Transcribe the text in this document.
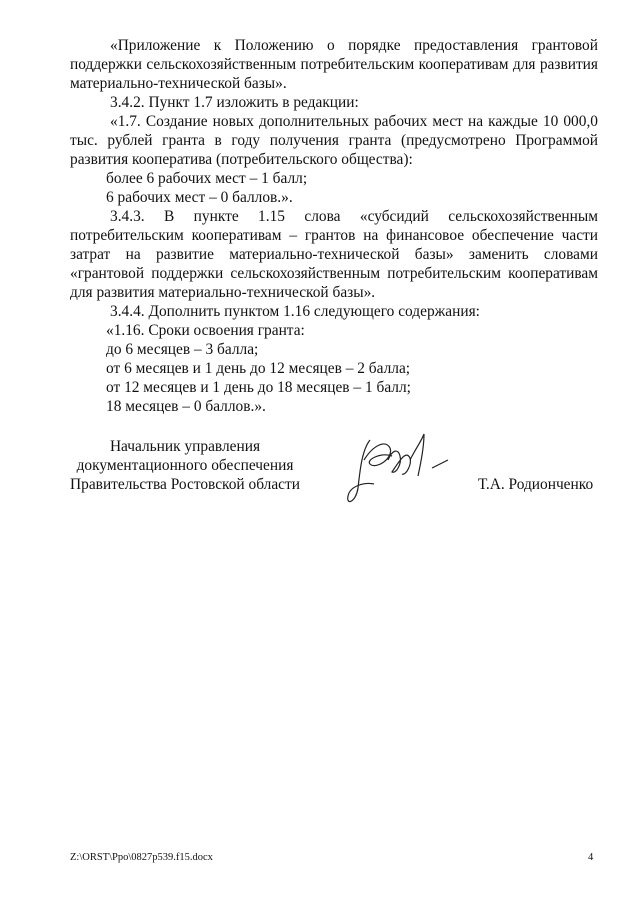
«Приложение к Положению о порядке предоставления грантовой поддержки сельскохозяйственным потребительским кооперативам для развития материально-технической базы».

3.4.2. Пункт 1.7 изложить в редакции:

«1.7. Создание новых дополнительных рабочих мест на каждые 10 000,0 тыс. рублей гранта в году получения гранта (предусмотрено Программой развития кооператива (потребительского общества):

более 6 рабочих мест – 1 балл;

6 рабочих мест – 0 баллов.».

3.4.3. В пункте 1.15 слова «субсидий сельскохозяйственным потребительским кооперативам – грантов на финансовое обеспечение части затрат на развитие материально-технической базы» заменить словами «грантовой поддержки сельскохозяйственным потребительским кооперативам для развития материально-технической базы».

3.4.4. Дополнить пунктом 1.16 следующего содержания:

«1.16. Сроки освоения гранта:

до 6 месяцев – 3 балла;

от 6 месяцев и 1 день до 12 месяцев – 2 балла;

от 12 месяцев и 1 день до 18 месяцев – 1 балл;

18 месяцев – 0 баллов.».

Начальник управления
документационного обеспечения
Правительства Ростовской области	Т.А. Родионченко
Z:\ORST\Ppo\0827p539.f15.docx	4
